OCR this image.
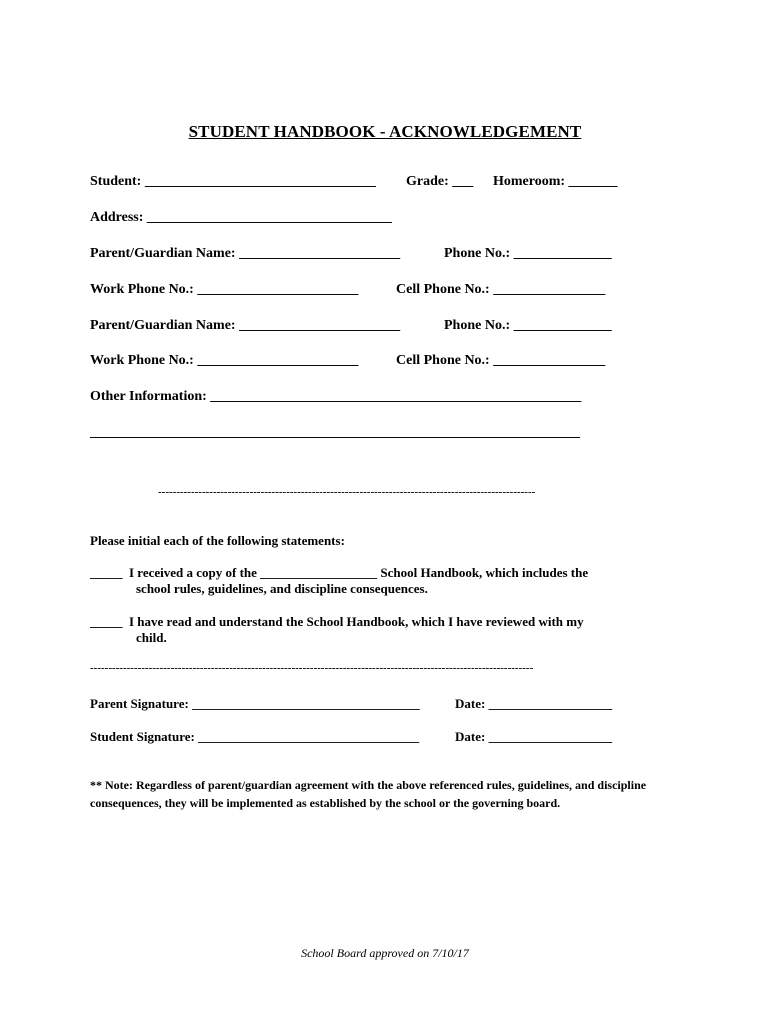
STUDENT HANDBOOK - ACKNOWLEDGEMENT
Student: _________________________________ Grade: ___ Homeroom: _______
Address: ___________________________________
Parent/Guardian Name: _______________________	Phone No.: ______________
Work Phone No.: _______________________	Cell Phone No.: ________________
Parent/Guardian Name: _______________________	Phone No.: ______________
Work Phone No.: _______________________	Cell Phone No.: ________________
Other Information: _____________________________________________________
______________________________________________________________________
-------------------------------------------------------------------------------------------------------
Please initial each of the following statements:
_____  I received a copy of the __________________ School Handbook, which includes the
school rules, guidelines, and discipline consequences.
_____  I have read and understand the School Handbook, which I have reviewed with my
child.
-------------------------------------------------------------------------------------------------------------------------
Parent Signature: ___________________________________	Date: ___________________
Student Signature: __________________________________	Date: ___________________
** Note: Regardless of parent/guardian agreement with the above referenced rules, guidelines, and discipline consequences, they will be implemented as established by the school or the governing board.
School Board approved on 7/10/17
